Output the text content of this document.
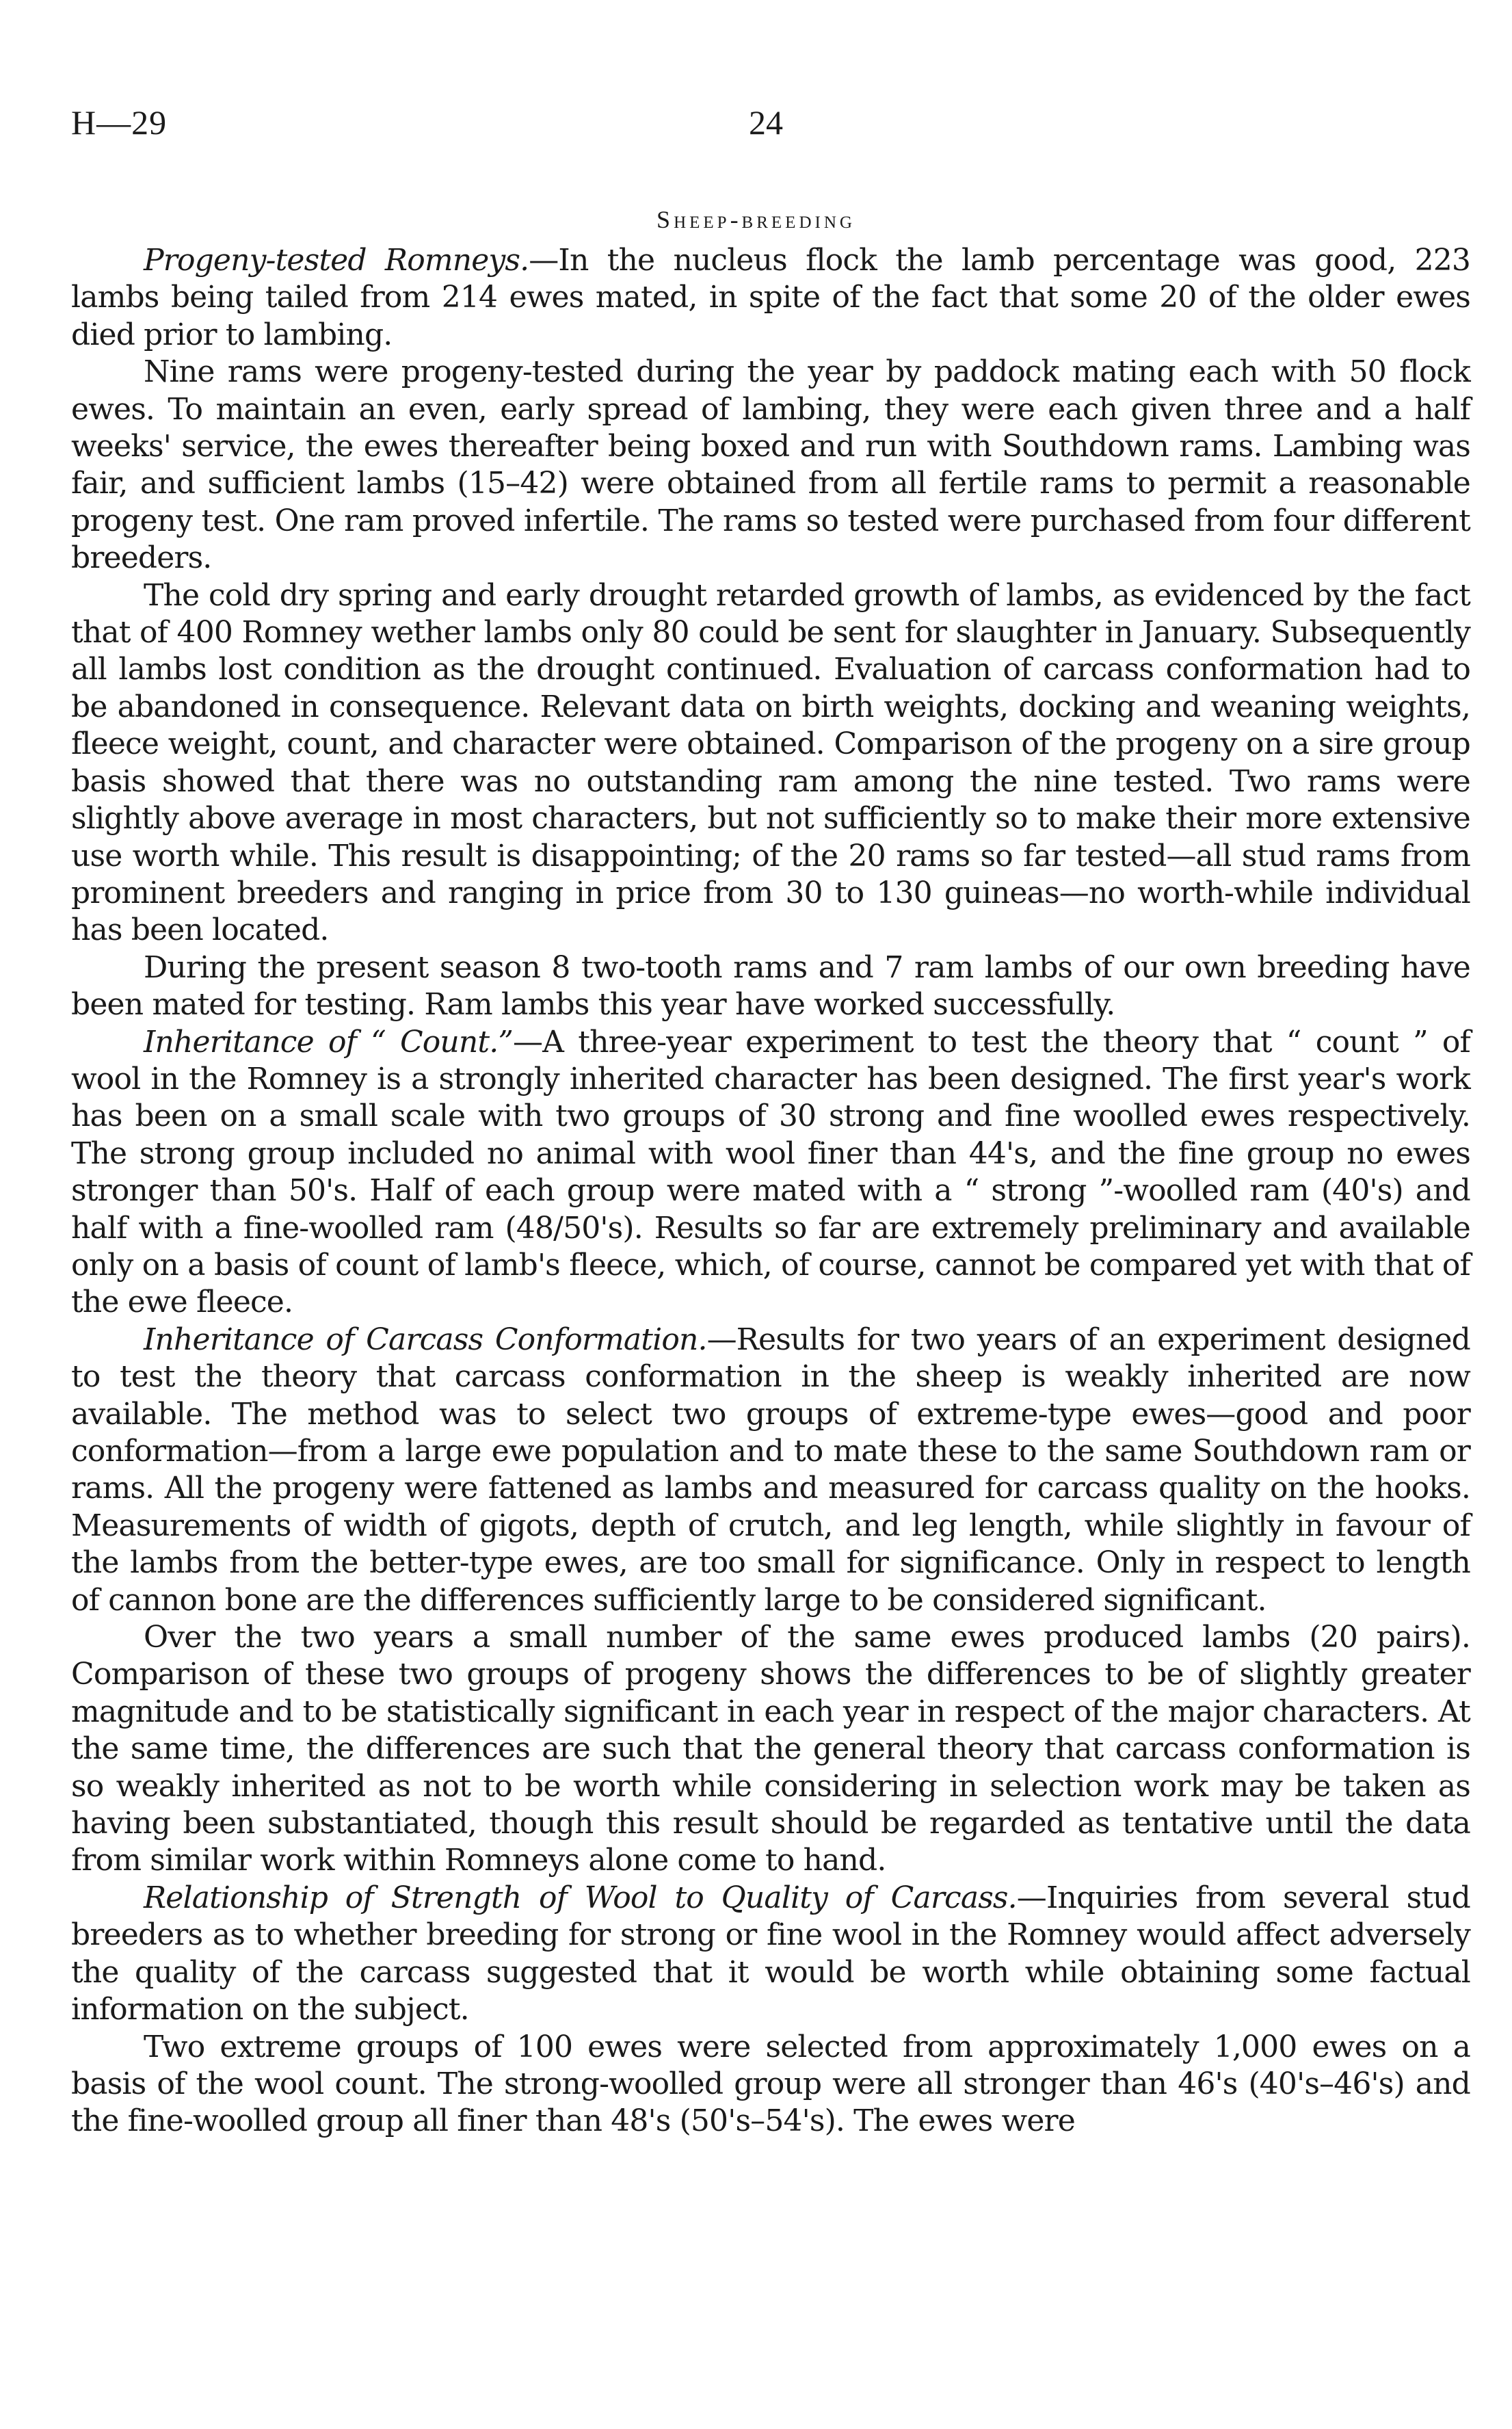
H—29	24
Sheep-breeding

Progeny-tested Romneys.—In the nucleus flock the lamb percentage was good, 223 lambs being tailed from 214 ewes mated, in spite of the fact that some 20 of the older ewes died prior to lambing.

Nine rams were progeny-tested during the year by paddock mating each with 50 flock ewes. To maintain an even, early spread of lambing, they were each given three and a half weeks' service, the ewes thereafter being boxed and run with Southdown rams. Lambing was fair, and sufficient lambs (15–42) were obtained from all fertile rams to permit a reasonable progeny test. One ram proved infertile. The rams so tested were purchased from four different breeders.

The cold dry spring and early drought retarded growth of lambs, as evidenced by the fact that of 400 Romney wether lambs only 80 could be sent for slaughter in January. Subsequently all lambs lost condition as the drought continued. Evaluation of carcass conformation had to be abandoned in consequence. Relevant data on birth weights, docking and weaning weights, fleece weight, count, and character were obtained. Comparison of the progeny on a sire group basis showed that there was no outstanding ram among the nine tested. Two rams were slightly above average in most characters, but not sufficiently so to make their more extensive use worth while. This result is disappointing; of the 20 rams so far tested—all stud rams from prominent breeders and ranging in price from 30 to 130 guineas—no worth-while individual has been located.

During the present season 8 two-tooth rams and 7 ram lambs of our own breeding have been mated for testing. Ram lambs this year have worked successfully.

Inheritance of “ Count.”—A three-year experiment to test the theory that “ count ” of wool in the Romney is a strongly inherited character has been designed. The first year's work has been on a small scale with two groups of 30 strong and fine woolled ewes respectively. The strong group included no animal with wool finer than 44's, and the fine group no ewes stronger than 50's. Half of each group were mated with a “ strong ”-woolled ram (40's) and half with a fine-woolled ram (48/50's). Results so far are extremely preliminary and available only on a basis of count of lamb's fleece, which, of course, cannot be compared yet with that of the ewe fleece.

Inheritance of Carcass Conformation.—Results for two years of an experiment designed to test the theory that carcass conformation in the sheep is weakly inherited are now available. The method was to select two groups of extreme-type ewes—good and poor conformation—from a large ewe population and to mate these to the same Southdown ram or rams. All the progeny were fattened as lambs and measured for carcass quality on the hooks. Measurements of width of gigots, depth of crutch, and leg length, while slightly in favour of the lambs from the better-type ewes, are too small for significance. Only in respect to length of cannon bone are the differences sufficiently large to be considered significant.

Over the two years a small number of the same ewes produced lambs (20 pairs). Comparison of these two groups of progeny shows the differences to be of slightly greater magnitude and to be statistically significant in each year in respect of the major characters. At the same time, the differences are such that the general theory that carcass conformation is so weakly inherited as not to be worth while considering in selection work may be taken as having been substantiated, though this result should be regarded as tentative until the data from similar work within Romneys alone come to hand.

Relationship of Strength of Wool to Quality of Carcass.—Inquiries from several stud breeders as to whether breeding for strong or fine wool in the Romney would affect adversely the quality of the carcass suggested that it would be worth while obtaining some factual information on the subject.

Two extreme groups of 100 ewes were selected from approximately 1,000 ewes on a basis of the wool count. The strong-woolled group were all stronger than 46's (40's–46's) and the fine-woolled group all finer than 48's (50's–54's). The ewes were
